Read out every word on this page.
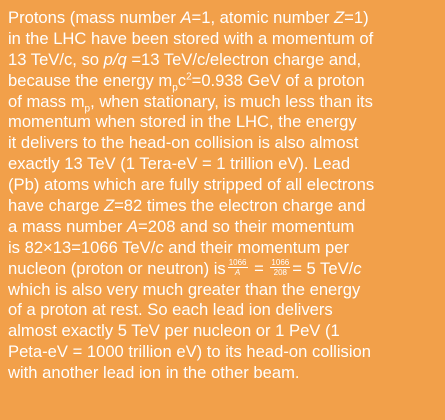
Protons (mass number A=1, atomic number Z=1)
in the LHC have been stored with a momentum of
13 TeV/c, so p/q =13 TeV/c/electron charge and,
because the energy $m_pc^2=0.938$ GeV of a proton
of mass $m_p$, when stationary, is much less than its
momentum when stored in the LHC, the energy
it delivers to the head-on collision is also almost
exactly 13 TeV (1 Tera-eV = 1 trillion eV). Lead
(Pb) atoms which are fully stripped of all electrons
have charge Z=82 times the electron charge and
a mass number A=208 and so their momentum
is 82×13=1066 TeV/c and their momentum per
nucleon (proton or neutron) is $\frac{1066}{A} = \frac{1066}{208} = 5$ TeV/c
which is also very much greater than the energy
of a proton at rest. So each lead ion delivers
almost exactly 5 TeV per nucleon or 1 PeV (1
Peta-eV = 1000 trillion eV) to its head-on collision
with another lead ion in the other beam.
